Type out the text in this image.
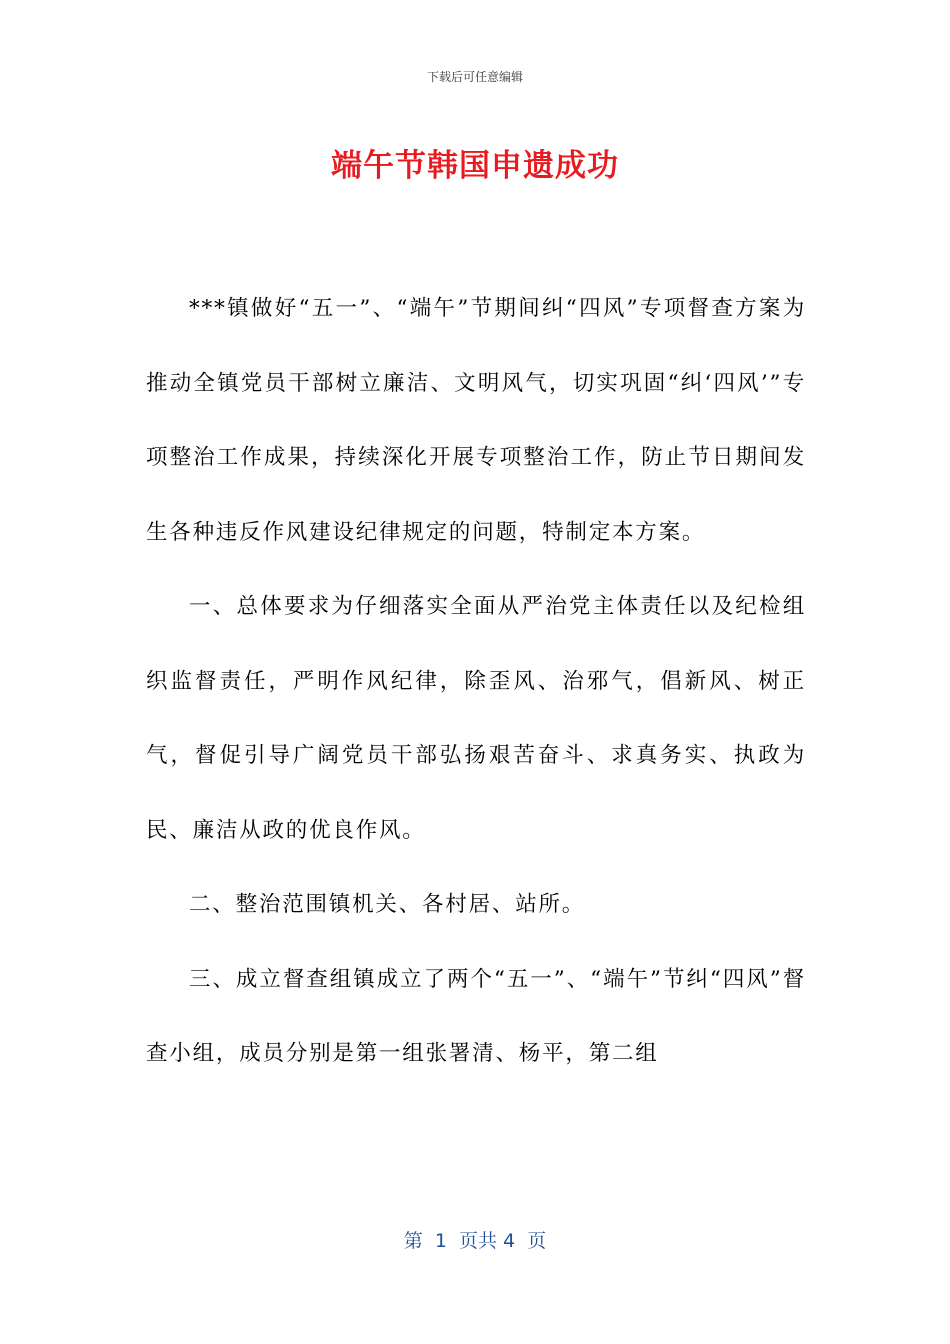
下载后可任意编辑
端午节韩国申遗成功

***镇做好“五一”、“端午”节期间纠“四风”专项督查方案为推动全镇党员干部树立廉洁、文明风气，切实巩固“纠‘四风’”专项整治工作成果，持续深化开展专项整治工作，防止节日期间发生各种违反作风建设纪律规定的问题，特制定本方案。

一、总体要求为仔细落实全面从严治党主体责任以及纪检组织监督责任，严明作风纪律，除歪风、治邪气，倡新风、树正气，督促引导广阔党员干部弘扬艰苦奋斗、求真务实、执政为民、廉洁从政的优良作风。

二、整治范围镇机关、各村居、站所。

三、成立督查组镇成立了两个“五一”、“端午”节纠“四风”督查小组，成员分别是第一组张署清、杨平，第二组

第  1  页共 4  页
